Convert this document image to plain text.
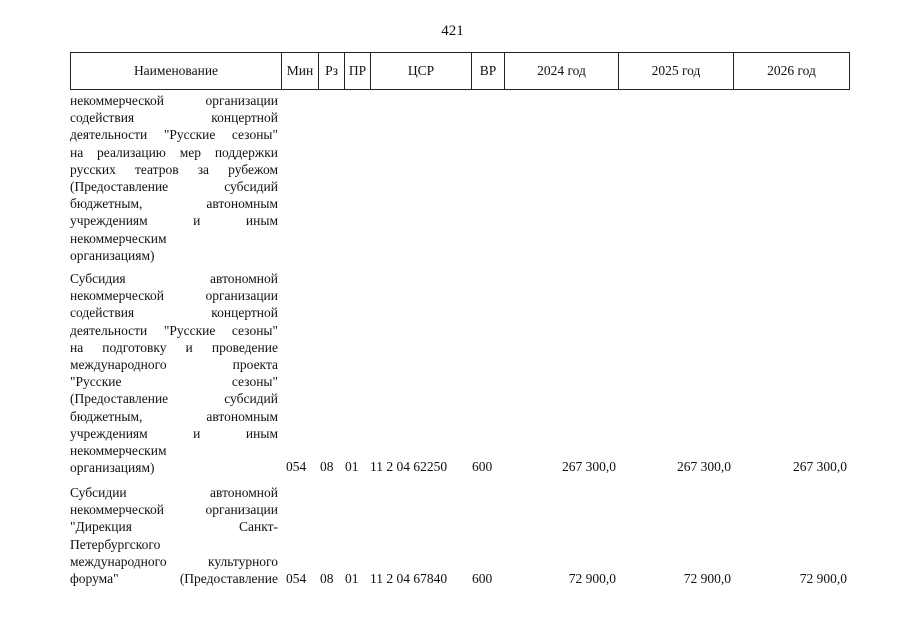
421
Наименование	Мин Рз ПР	ЦСР	ВР	2024 год	2025 год	2026 год
некоммерческой организации
содействия концертной
деятельности "Русские сезоны"
на реализацию мер поддержки
русских театров за рубежом
(Предоставление субсидий
бюджетным, автономным
учреждениям и иным
некоммерческим
организациям)
Субсидия автономной
некоммерческой организации
содействия концертной
деятельности "Русские сезоны"
на подготовку и проведение
международного проекта
"Русские сезоны"
(Предоставление субсидий
бюджетным, автономным
учреждениям и иным
некоммерческим
организациям)	054 08 01 11 2 04 62250 600	267 300,0	267 300,0	267 300,0
Субсидии автономной
некоммерческой организации
"Дирекция Санкт-
Петербургского
международного культурного
форума" (Предоставление 054 08 01 11 2 04 67840 600	72 900,0	72 900,0	72 900,0
